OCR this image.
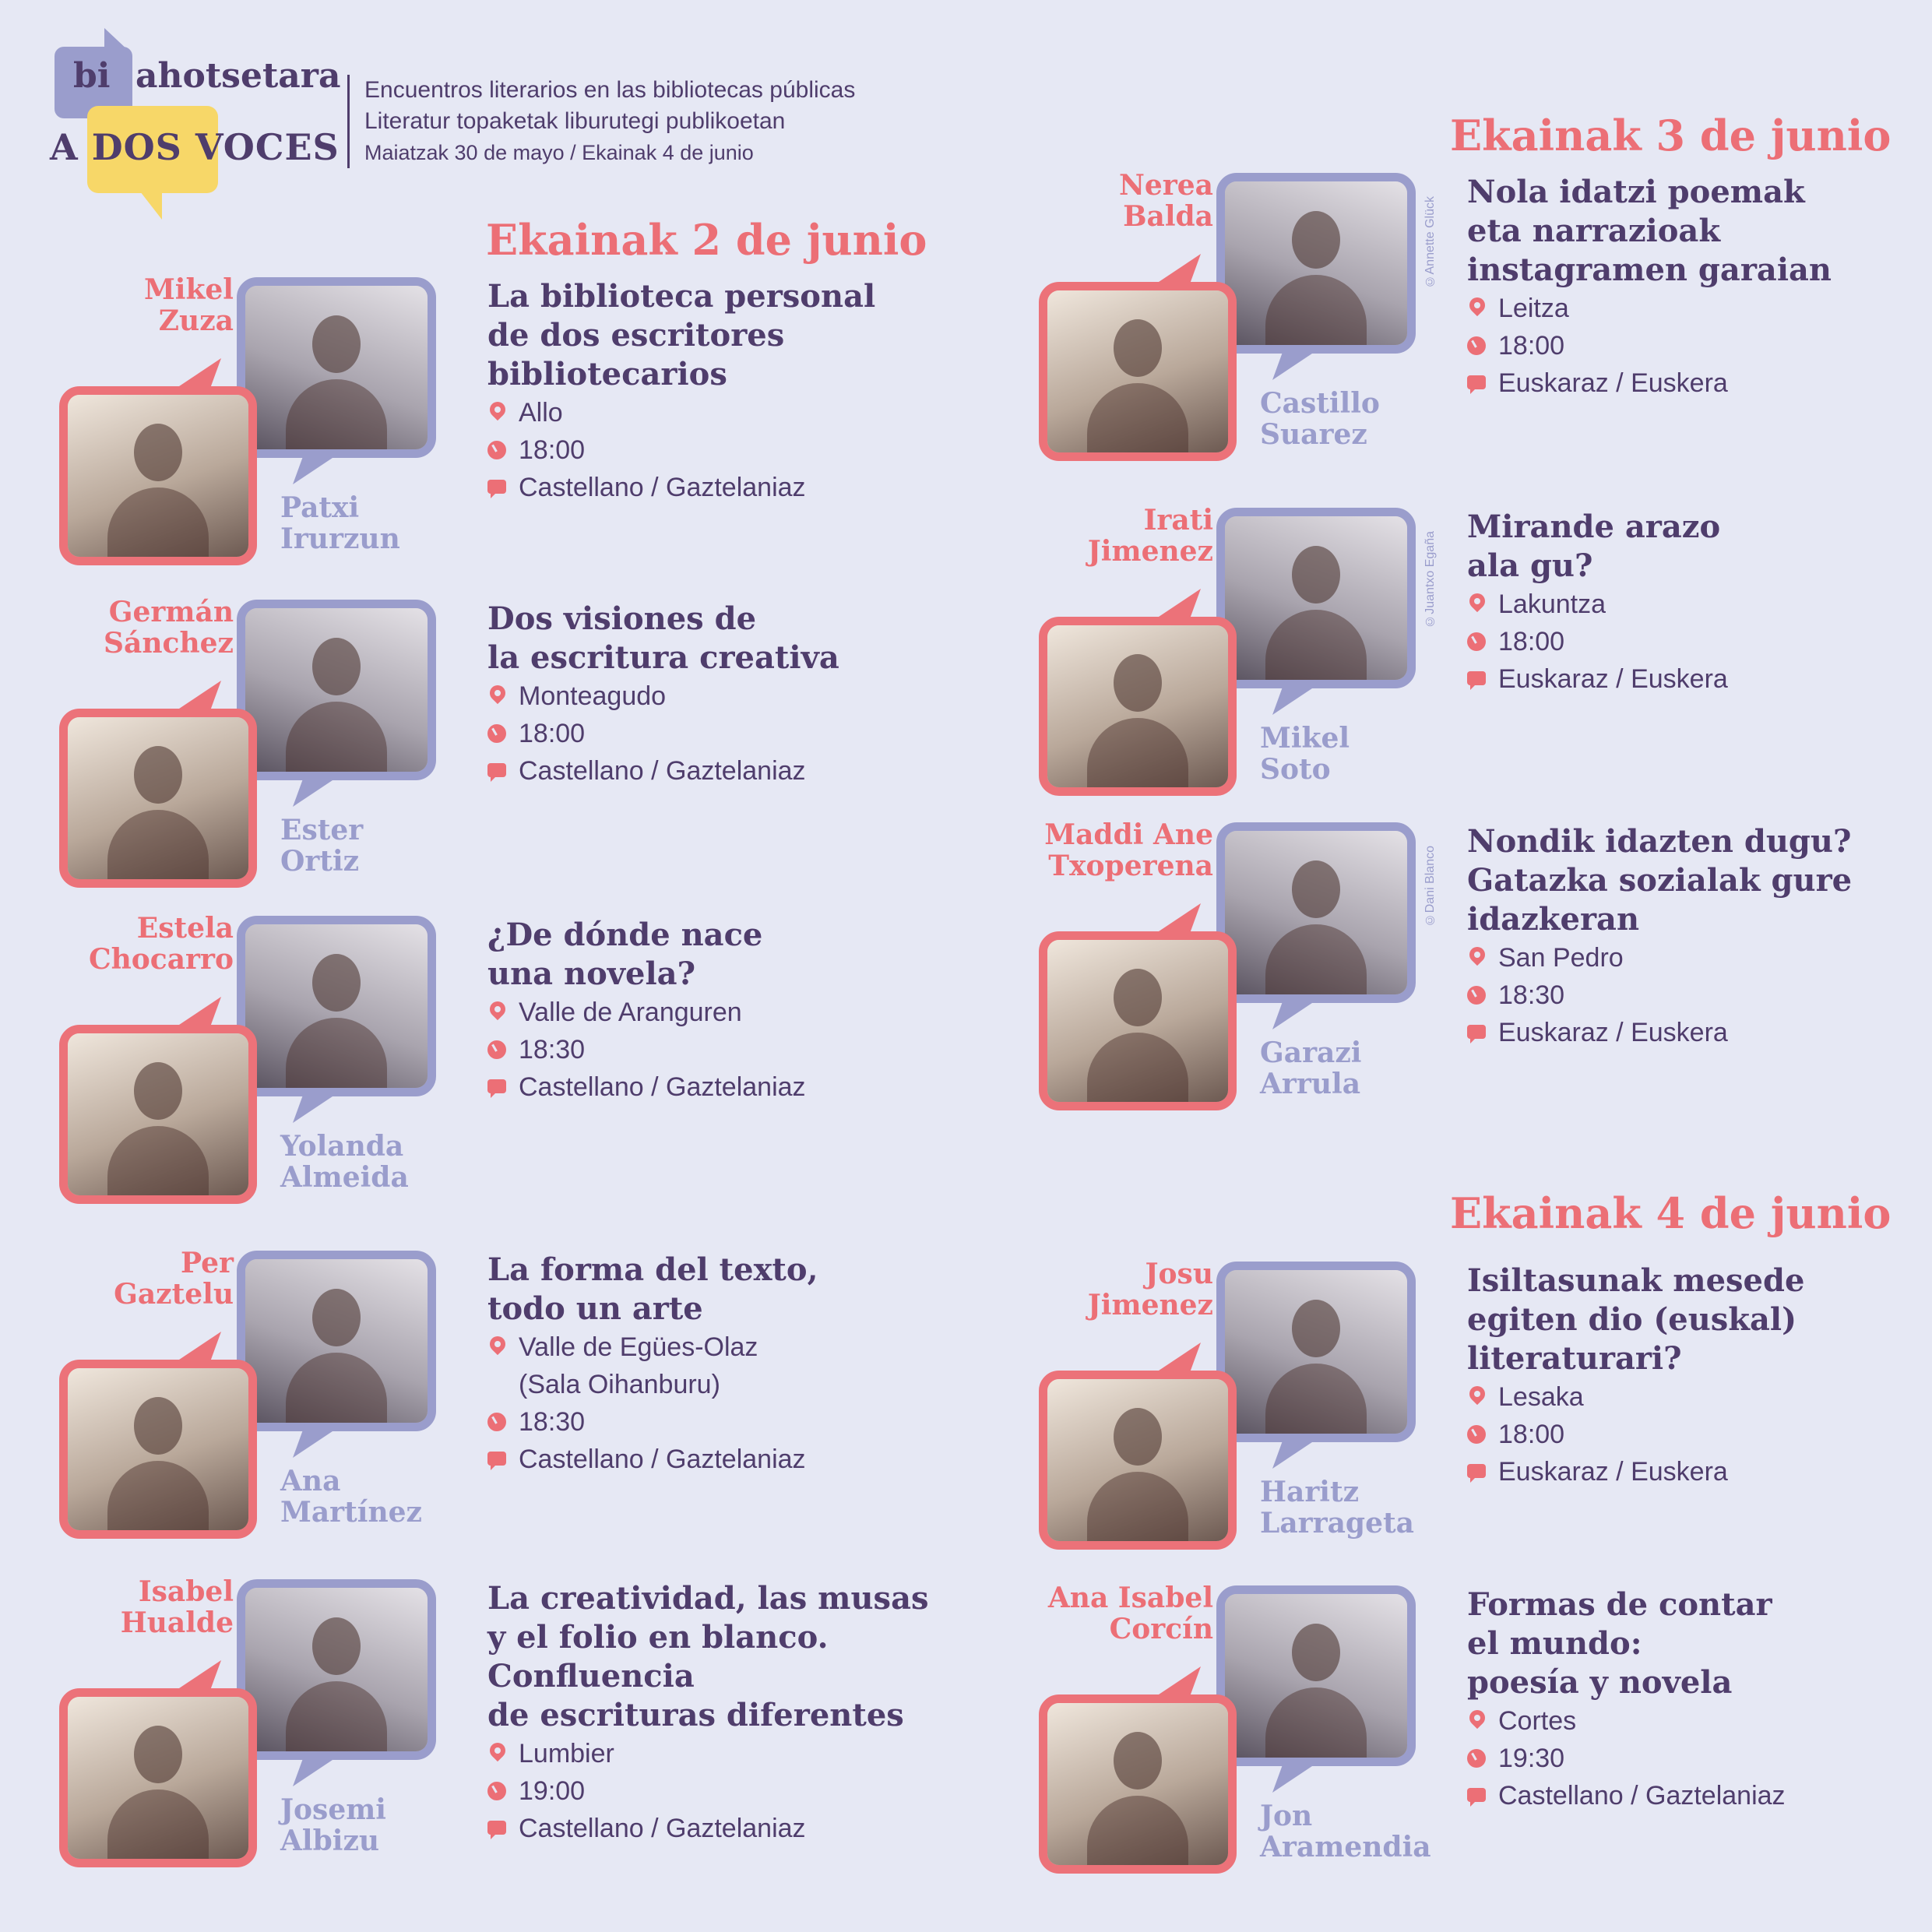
bi ahotsetara
A DOS VOCES
Encuentros literarios en las bibliotecas públicas
Literatur topaketak liburutegi publikoetan
Maiatzak 30 de mayo / Ekainak 4 de junio
Ekainak 2 de junio
Ekainak 3 de junio
Ekainak 4 de junio
Mikel
Zuza
Patxi
Irurzun
La biblioteca personal
de dos escritores
bibliotecarios
Allo
18:00
Castellano / Gaztelaniaz
Germán
Sánchez
Ester
Ortiz
Dos visiones de
la escritura creativa
Monteagudo
18:00
Castellano / Gaztelaniaz
Estela
Chocarro
Yolanda
Almeida
¿De dónde nace
una novela?
Valle de Aranguren
18:30
Castellano / Gaztelaniaz
Per
Gaztelu
Ana
Martínez
La forma del texto,
todo un arte
Valle de Egües-Olaz
(Sala Oihanburu)
18:30
Castellano / Gaztelaniaz
Isabel
Hualde
Josemi
Albizu
La creatividad, las musas
y el folio en blanco.
Confluencia
de escrituras diferentes
Lumbier
19:00
Castellano / Gaztelaniaz
Nerea
Balda
Castillo
Suarez
©Annette Glück
Nola idatzi poemak
eta narrazioak
instagramen garaian
Leitza
18:00
Euskaraz / Euskera
Irati
Jimenez
Mikel
Soto
©Juantxo Egaña
Mirande arazo
ala gu?
Lakuntza
18:00
Euskaraz / Euskera
Maddi Ane
Txoperena
Garazi
Arrula
©Dani Blanco
Nondik idazten dugu?
Gatazka sozialak gure
idazkeran
San Pedro
18:30
Euskaraz / Euskera
Josu
Jimenez
Haritz
Larrageta
Isiltasunak mesede
egiten dio (euskal)
literaturari?
Lesaka
18:00
Euskaraz / Euskera
Ana Isabel
Corcín
Jon
Aramendia
Formas de contar
el mundo:
poesía y novela
Cortes
19:30
Castellano / Gaztelaniaz
